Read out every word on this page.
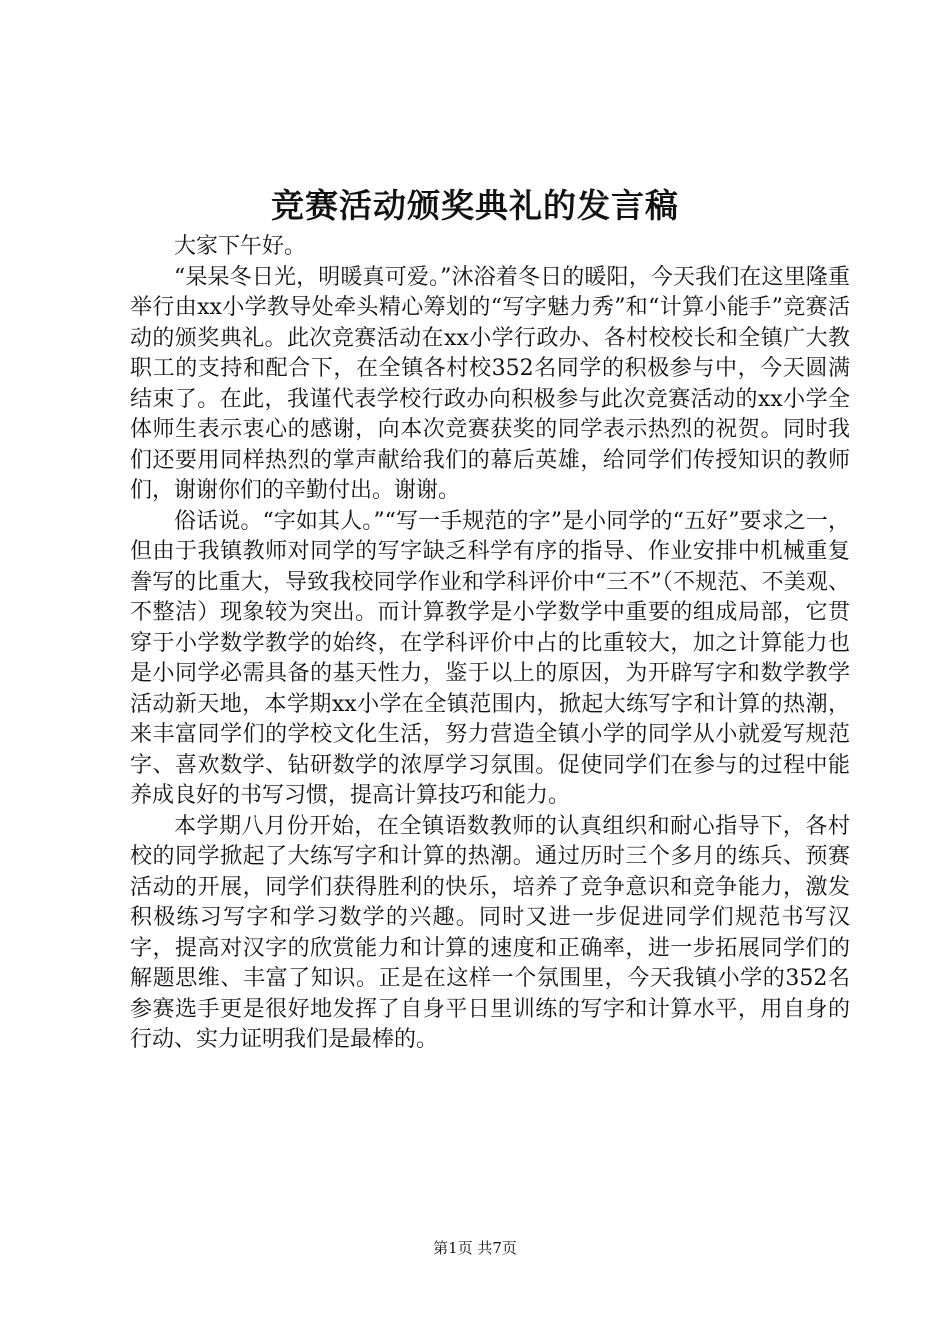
竞赛活动颁奖典礼的发言稿

大家下午好。

“杲杲冬日光，明暖真可爱。”沐浴着冬日的暖阳，今天我们在这里隆重举行由xx小学教导处牵头精心筹划的“写字魅力秀”和“计算小能手”竞赛活动的颁奖典礼。此次竞赛活动在xx小学行政办、各村校校长和全镇广大教职工的支持和配合下，在全镇各村校352名同学的积极参与中，今天圆满结束了。在此，我谨代表学校行政办向积极参与此次竞赛活动的xx小学全体师生表示衷心的感谢，向本次竞赛获奖的同学表示热烈的祝贺。同时我们还要用同样热烈的掌声献给我们的幕后英雄，给同学们传授知识的教师们，谢谢你们的辛勤付出。谢谢。

俗话说。“字如其人。”“写一手规范的字”是小同学的“五好”要求之一，但由于我镇教师对同学的写字缺乏科学有序的指导、作业安排中机械重复誊写的比重大，导致我校同学作业和学科评价中“三不”（不规范、不美观、不整洁）现象较为突出。而计算教学是小学数学中重要的组成局部，它贯穿于小学数学教学的始终，在学科评价中占的比重较大，加之计算能力也是小同学必需具备的基天性力，鉴于以上的原因，为开辟写字和数学教学活动新天地，本学期xx小学在全镇范围内，掀起大练写字和计算的热潮，来丰富同学们的学校文化生活，努力营造全镇小学的同学从小就爱写规范字、喜欢数学、钻研数学的浓厚学习氛围。促使同学们在参与的过程中能养成良好的书写习惯，提高计算技巧和能力。

本学期八月份开始，在全镇语数教师的认真组织和耐心指导下，各村校的同学掀起了大练写字和计算的热潮。通过历时三个多月的练兵、预赛活动的开展，同学们获得胜利的快乐，培养了竞争意识和竞争能力，激发积极练习写字和学习数学的兴趣。同时又进一步促进同学们规范书写汉字，提高对汉字的欣赏能力和计算的速度和正确率，进一步拓展同学们的解题思维、丰富了知识。正是在这样一个氛围里，今天我镇小学的352名参赛选手更是很好地发挥了自身平日里训练的写字和计算水平，用自身的行动、实力证明我们是最棒的。

第1页 共7页
